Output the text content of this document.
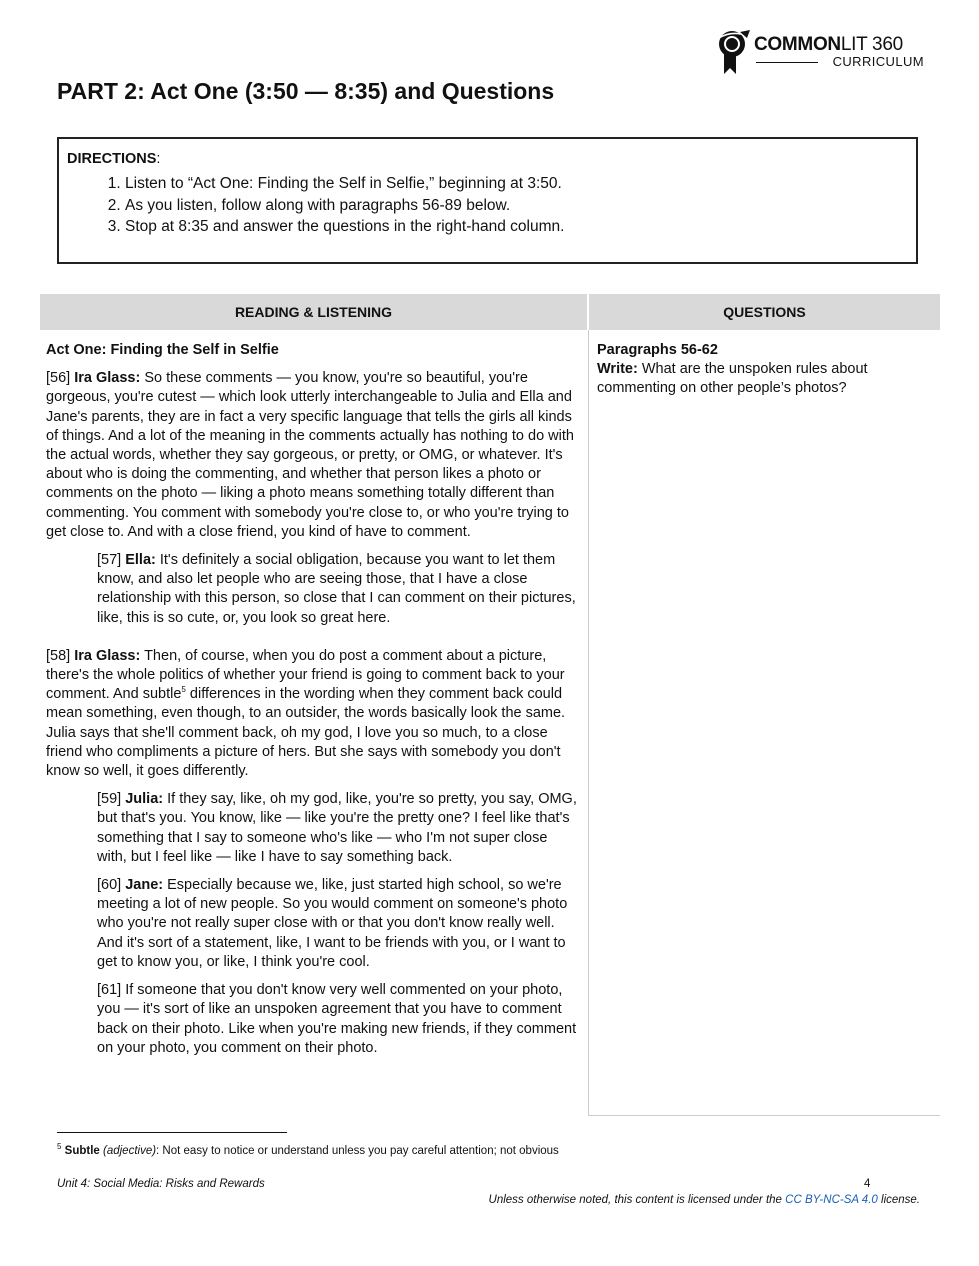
COMMONLIT 360
CURRICULUM
PART 2: Act One (3:50 — 8:35) and Questions
DIRECTIONS:
1. Listen to “Act One: Finding the Self in Selfie,” beginning at 3:50.
2. As you listen, follow along with paragraphs 56-89 below.
3. Stop at 8:35 and answer the questions in the right-hand column.
READING & LISTENING	QUESTIONS

Act One: Finding the Self in Selfie

[56] Ira Glass: So these comments — you know, you're so beautiful, you're gorgeous, you're cutest — which look utterly interchangeable to Julia and Ella and Jane's parents, they are in fact a very specific language that tells the girls all kinds of things. And a lot of the meaning in the comments actually has nothing to do with the actual words, whether they say gorgeous, or pretty, or OMG, or whatever. It's about who is doing the commenting, and whether that person likes a photo or comments on the photo — liking a photo means something totally different than commenting. You comment with somebody you're close to, or who you're trying to get close to. And with a close friend, you kind of have to comment.

[57] Ella: It's definitely a social obligation, because you want to let them know, and also let people who are seeing those, that I have a close relationship with this person, so close that I can comment on their pictures, like, this is so cute, or, you look so great here.

[58] Ira Glass: Then, of course, when you do post a comment about a picture, there's the whole politics of whether your friend is going to comment back to your comment. And subtle$^5$ differences in the wording when they comment back could mean something, even though, to an outsider, the words basically look the same. Julia says that she'll comment back, oh my god, I love you so much, to a close friend who compliments a picture of hers. But she says with somebody you don't know so well, it goes differently.

[59] Julia: If they say, like, oh my god, like, you're so pretty, you say, OMG, but that's you. You know, like — like you're the pretty one? I feel like that's something that I say to someone who's like — who I'm not super close with, but I feel like — like I have to say something back.

[60] Jane: Especially because we, like, just started high school, so we're meeting a lot of new people. So you would comment on someone's photo who you're not really super close with or that you don't know really well. And it's sort of a statement, like, I want to be friends with you, or I want to get to know you, or like, I think you're cool.

[61] If someone that you don't know very well commented on your photo, you — it's sort of like an unspoken agreement that you have to comment back on their photo. Like when you're making new friends, if they comment on your photo, you comment on their photo.

Paragraphs 56-62
Write: What are the unspoken rules about commenting on other people’s photos?
$^5$ Subtle (adjective): Not easy to notice or understand unless you pay careful attention; not obvious
Unit 4: Social Media: Risks and Rewards	4
Unless otherwise noted, this content is licensed under the CC BY-NC-SA 4.0 license.
